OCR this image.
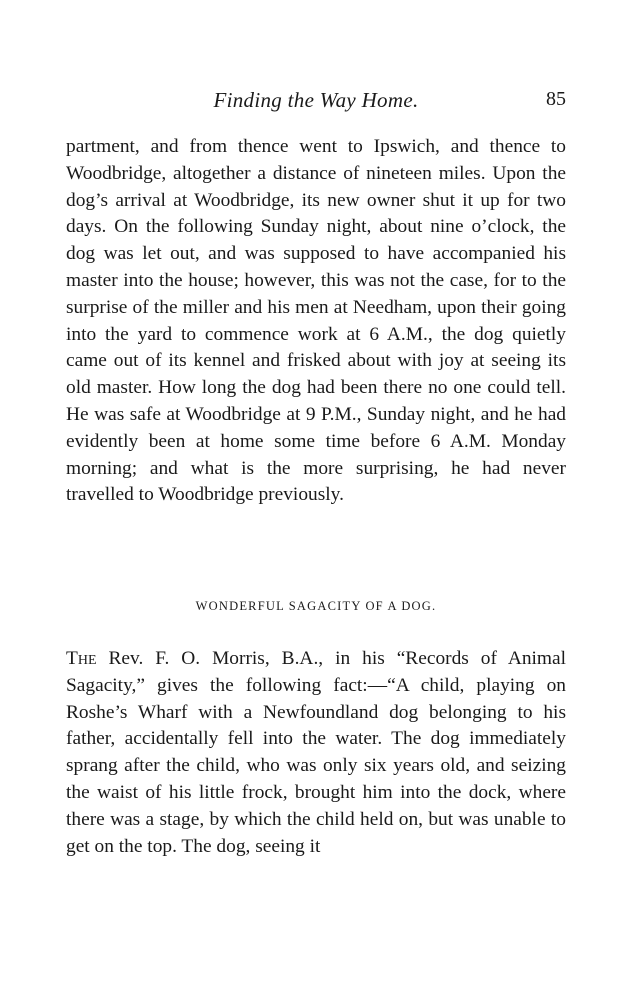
Finding the Way Home.	85

partment, and from thence went to Ipswich, and thence to Woodbridge, altogether a distance of nineteen miles. Upon the dog’s arrival at Woodbridge, its new owner shut it up for two days. On the following Sunday night, about nine o’clock, the dog was let out, and was supposed to have accompanied his master into the house; however, this was not the case, for to the surprise of the miller and his men at Needham, upon their going into the yard to commence work at 6 A.M., the dog quietly came out of its kennel and frisked about with joy at seeing its old master. How long the dog had been there no one could tell. He was safe at Woodbridge at 9 P.M., Sunday night, and he had evidently been at home some time before 6 A.M. Monday morning; and what is the more surprising, he had never travelled to Woodbridge previously.

WONDERFUL SAGACITY OF A DOG.

The Rev. F. O. Morris, B.A., in his “Records of Animal Sagacity,” gives the following fact:—“A child, playing on Roshe’s Wharf with a Newfoundland dog belonging to his father, accidentally fell into the water. The dog immediately sprang after the child, who was only six years old, and seizing the waist of his little frock, brought him into the dock, where there was a stage, by which the child held on, but was unable to get on the top. The dog, seeing it
